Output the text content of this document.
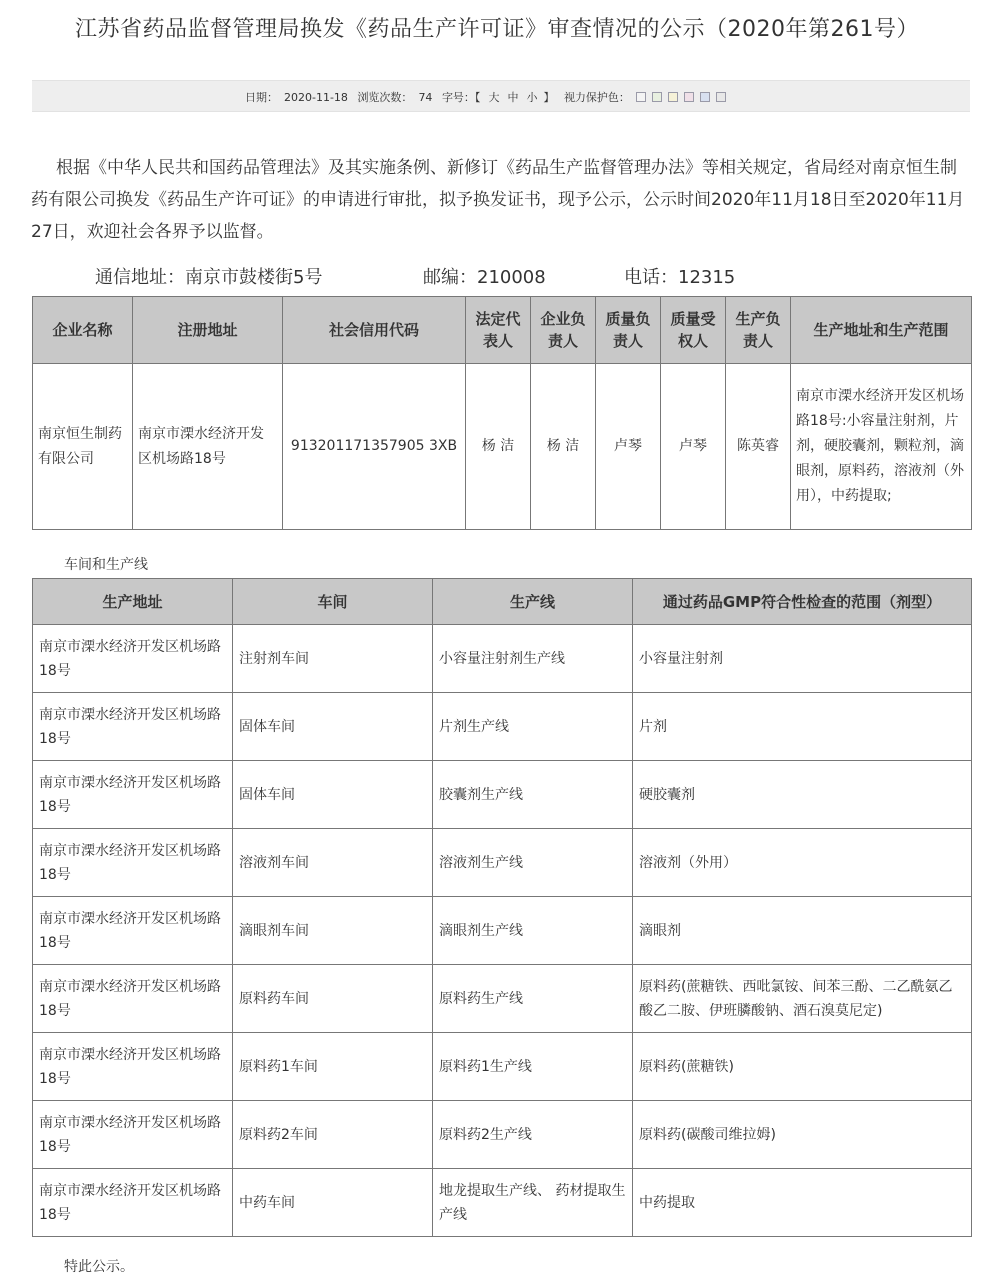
江苏省药品监督管理局换发《药品生产许可证》审查情况的公示（2020年第261号）
日期： 2020-11-18 浏览次数： 74 字号：【 大 中 小 】 视力保护色：
根据《中华人民共和国药品管理法》及其实施条例、新修订《药品生产监督管理办法》等相关规定，省局经对南京恒生制药有限公司换发《药品生产许可证》的申请进行审批，拟予换发证书，现予公示，公示时间2020年11月18日至2020年11月27日，欢迎社会各界予以监督。
通信地址：南京市鼓楼街5号	邮编：210008	电话：12315
企业名称	注册地址	社会信用代码	法定代表人	企业负责人	质量负责人	质量受权人	生产负责人	生产地址和生产范围
南京恒生制药有限公司	南京市溧水经济开发区机场路18号	913201171357905 3XB	杨 洁	杨 洁	卢琴	卢琴	陈英睿	南京市溧水经济开发区机场路18号:小容量注射剂，片剂，硬胶囊剂，颗粒剂，滴眼剂，原料药，溶液剂（外用），中药提取;
车间和生产线
生产地址	车间	生产线	通过药品GMP符合性检查的范围（剂型）
南京市溧水经济开发区机场路18号	注射剂车间	小容量注射剂生产线	小容量注射剂
南京市溧水经济开发区机场路18号	固体车间	片剂生产线	片剂
南京市溧水经济开发区机场路18号	固体车间	胶囊剂生产线	硬胶囊剂
南京市溧水经济开发区机场路18号	溶液剂车间	溶液剂生产线	溶液剂（外用）
南京市溧水经济开发区机场路18号	滴眼剂车间	滴眼剂生产线	滴眼剂
南京市溧水经济开发区机场路18号	原料药车间	原料药生产线	原料药(蔗糖铁、西吡氯铵、间苯三酚、二乙酰氨乙酸乙二胺、伊班膦酸钠、酒石溴莫尼定)
南京市溧水经济开发区机场路18号	原料药1车间	原料药1生产线	原料药(蔗糖铁)
南京市溧水经济开发区机场路18号	原料药2车间	原料药2生产线	原料药(碳酸司维拉姆)
南京市溧水经济开发区机场路18号	中药车间	地龙提取生产线、 药材提取生产线	中药提取
特此公示。
